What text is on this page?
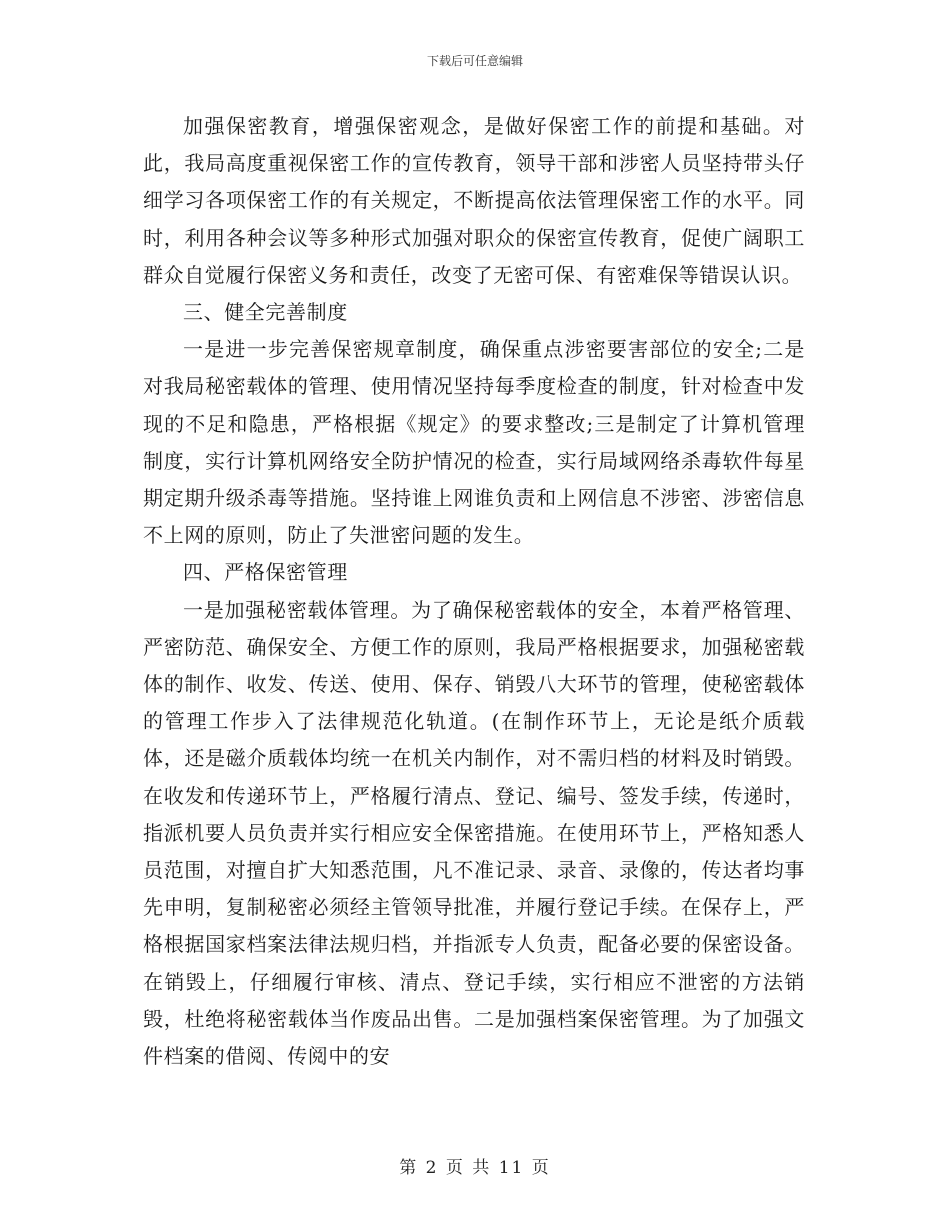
下载后可任意编辑

加强保密教育，增强保密观念，是做好保密工作的前提和基础。对此，我局高度重视保密工作的宣传教育，领导干部和涉密人员坚持带头仔细学习各项保密工作的有关规定，不断提高依法管理保密工作的水平。同时，利用各种会议等多种形式加强对职众的保密宣传教育，促使广阔职工群众自觉履行保密义务和责任，改变了无密可保、有密难保等错误认识。

三、健全完善制度

一是进一步完善保密规章制度，确保重点涉密要害部位的安全;二是对我局秘密载体的管理、使用情况坚持每季度检查的制度，针对检查中发现的不足和隐患，严格根据《规定》的要求整改;三是制定了计算机管理制度，实行计算机网络安全防护情况的检查，实行局域网络杀毒软件每星期定期升级杀毒等措施。坚持谁上网谁负责和上网信息不涉密、涉密信息不上网的原则，防止了失泄密问题的发生。

四、严格保密管理

一是加强秘密载体管理。为了确保秘密载体的安全，本着严格管理、严密防范、确保安全、方便工作的原则，我局严格根据要求，加强秘密载体的制作、收发、传送、使用、保存、销毁八大环节的管理，使秘密载体的管理工作步入了法律规范化轨道。(在制作环节上，无论是纸介质载体，还是磁介质载体均统一在机关内制作，对不需归档的材料及时销毁。在收发和传递环节上，严格履行清点、登记、编号、签发手续，传递时，指派机要人员负责并实行相应安全保密措施。在使用环节上，严格知悉人员范围，对擅自扩大知悉范围，凡不准记录、录音、录像的，传达者均事先申明，复制秘密必须经主管领导批准，并履行登记手续。在保存上，严格根据国家档案法律法规归档，并指派专人负责，配备必要的保密设备。在销毁上，仔细履行审核、清点、登记手续，实行相应不泄密的方法销毁，杜绝将秘密载体当作废品出售。二是加强档案保密管理。为了加强文件档案的借阅、传阅中的安

第 2 页 共 11 页
